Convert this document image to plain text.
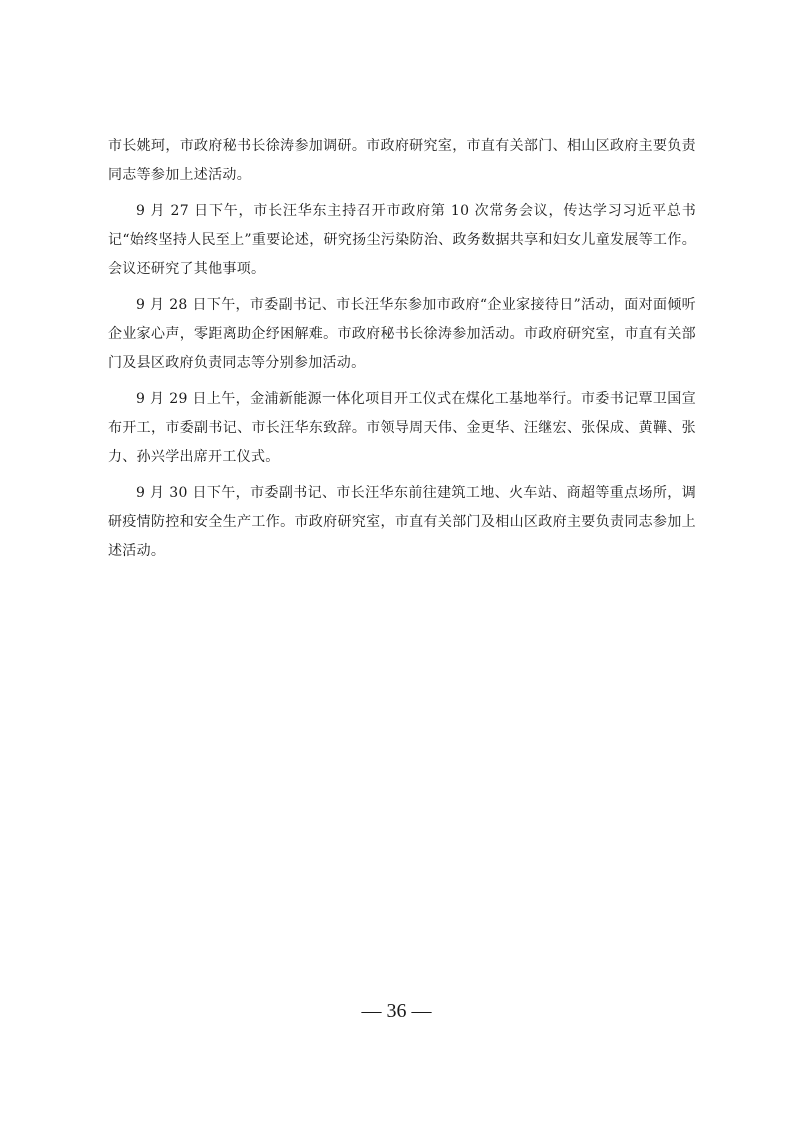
市长姚珂，市政府秘书长徐涛参加调研。市政府研究室，市直有关部门、相山区政府主要负责同志等参加上述活动。

9 月 27 日下午，市长汪华东主持召开市政府第 10 次常务会议，传达学习习近平总书记“始终坚持人民至上”重要论述，研究扬尘污染防治、政务数据共享和妇女儿童发展等工作。会议还研究了其他事项。

9 月 28 日下午，市委副书记、市长汪华东参加市政府“企业家接待日”活动，面对面倾听企业家心声，零距离助企纾困解难。市政府秘书长徐涛参加活动。市政府研究室，市直有关部门及县区政府负责同志等分别参加活动。

9 月 29 日上午，金浦新能源一体化项目开工仪式在煤化工基地举行。市委书记覃卫国宣布开工，市委副书记、市长汪华东致辞。市领导周天伟、金更华、汪继宏、张保成、黄鞾、张力、孙兴学出席开工仪式。

9 月 30 日下午，市委副书记、市长汪华东前往建筑工地、火车站、商超等重点场所，调研疫情防控和安全生产工作。市政府研究室，市直有关部门及相山区政府主要负责同志参加上述活动。

— 36 —
